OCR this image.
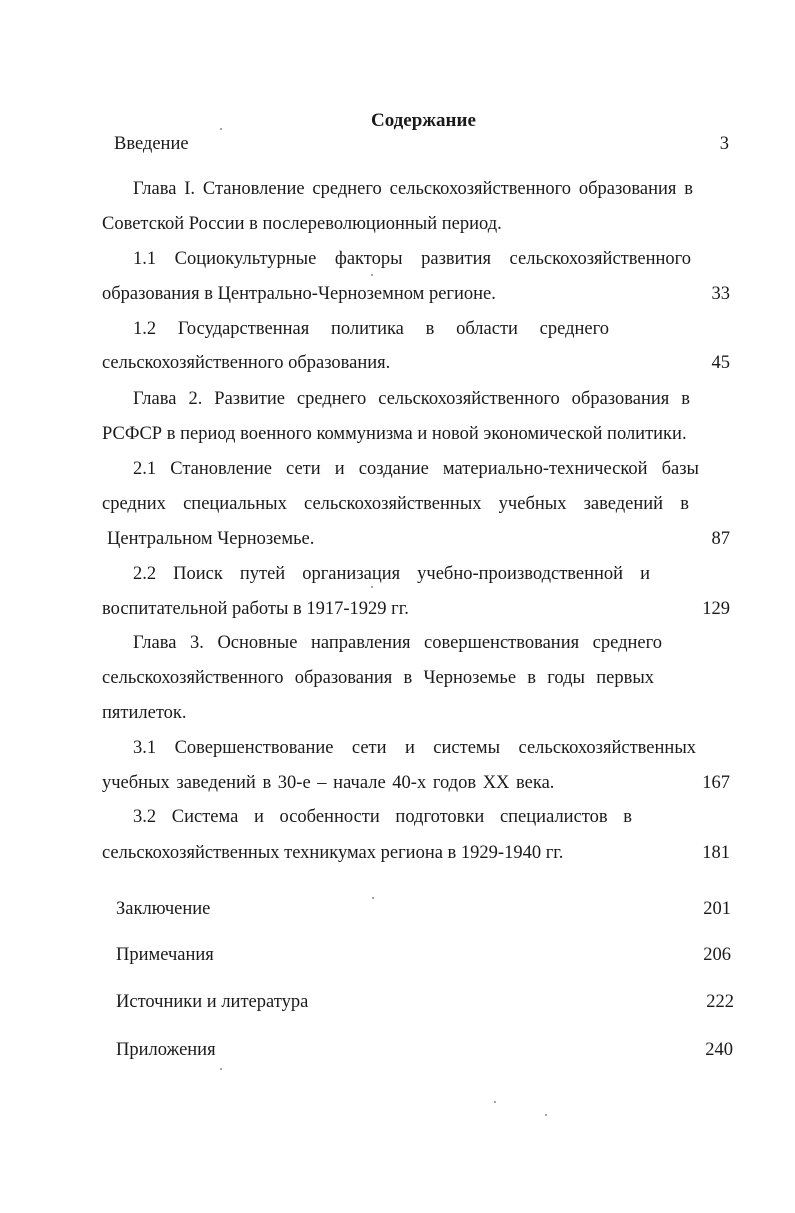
Содержание
Введение	3
Глава I. Становление среднего сельскохозяйственного образования в
Советской России в послереволюционный период.
1.1 Социокультурные факторы развития сельскохозяйственного
образования в Центрально-Черноземном регионе.	33
1.2 Государственная политика в области среднего
сельскохозяйственного образования.	45
Глава 2. Развитие среднего сельскохозяйственного образования в
РСФСР в период военного коммунизма и новой экономической политики.
2.1 Становление сети и создание материально-технической базы
средних специальных сельскохозяйственных учебных заведений в
Центральном Черноземье.	87
2.2 Поиск путей организация учебно-производственной и
воспитательной работы в 1917-1929 гг.	129
Глава 3. Основные направления совершенствования среднего
сельскохозяйственного образования в Черноземье в годы первых
пятилеток.
3.1 Совершенствование сети и системы сельскохозяйственных
учебных заведений в 30-е – начале 40-х годов XX века.	167
3.2 Система и особенности подготовки специалистов в
сельскохозяйственных техникумах региона в 1929-1940 гг.	181
Заключение	201
Примечания	206
Источники и литература	222
Приложения	240
